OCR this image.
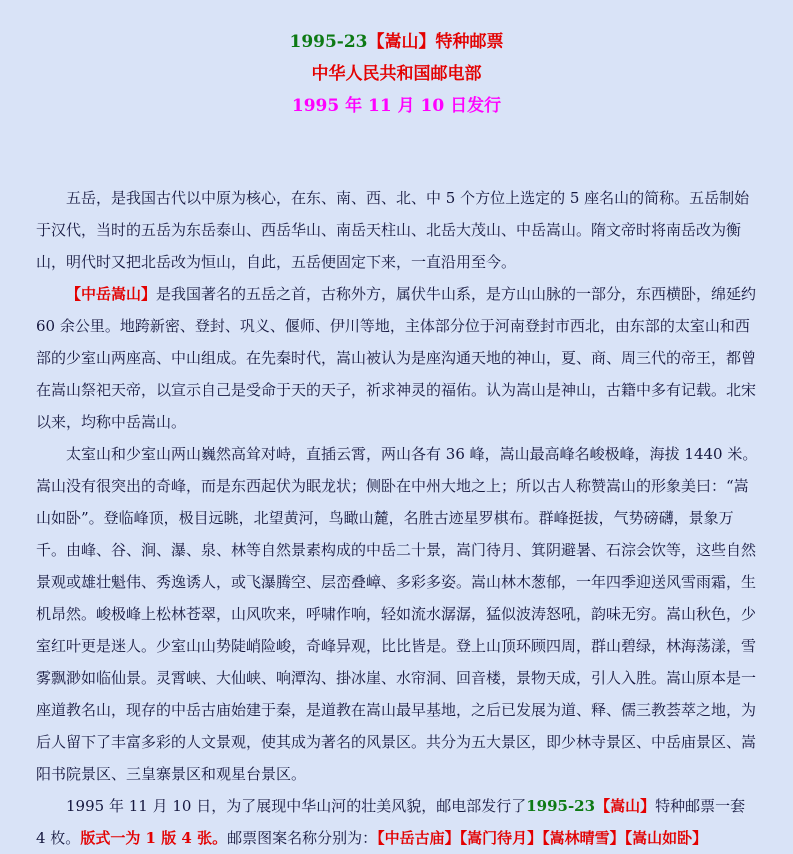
1995-23【嵩山】特种邮票
中华人民共和国邮电部
1995 年 11 月 10 日发行

五岳，是我国古代以中原为核心，在东、南、西、北、中 5 个方位上选定的 5 座名山的简称。五岳制始于汉代，当时的五岳为东岳泰山、西岳华山、南岳天柱山、北岳大茂山、中岳嵩山。隋文帝时将南岳改为衡山，明代时又把北岳改为恒山，自此，五岳便固定下来，一直沿用至今。

【中岳嵩山】是我国著名的五岳之首，古称外方，属伏牛山系，是方山山脉的一部分，东西横卧，绵延约 60 余公里。地跨新密、登封、巩义、偃师、伊川等地，主体部分位于河南登封市西北，由东部的太室山和西部的少室山两座高、中山组成。在先秦时代，嵩山被认为是座沟通天地的神山，夏、商、周三代的帝王，都曾在嵩山祭祀天帝，以宣示自己是受命于天的天子，祈求神灵的福佑。认为嵩山是神山，古籍中多有记载。北宋以来，均称中岳嵩山。

太室山和少室山两山巍然高耸对峙，直插云霄，两山各有 36 峰，嵩山最高峰名峻极峰，海拔 1440 米。嵩山没有很突出的奇峰，而是东西起伏为眠龙状；侧卧在中州大地之上；所以古人称赞嵩山的形象美曰：“嵩山如卧”。登临峰顶，极目远眺，北望黄河，鸟瞰山麓，名胜古迹星罗棋布。群峰挺拔，气势磅礴，景象万千。由峰、谷、涧、瀑、泉、林等自然景素构成的中岳二十景，嵩门待月、箕阴避暑、石淙会饮等，这些自然景观或雄壮魁伟、秀逸诱人，或飞瀑腾空、层峦叠嶂、多彩多姿。嵩山林木葱郁，一年四季迎送风雪雨霜，生机昂然。峻极峰上松林苍翠，山风吹来，呼啸作响，轻如流水潺潺，猛似波涛怒吼，韵味无穷。嵩山秋色，少室红叶更是迷人。少室山山势陡峭险峻，奇峰异观，比比皆是。登上山顶环顾四周，群山碧绿，林海荡漾，雪雾飘渺如临仙景。灵霄峡、大仙峡、响潭沟、掛冰崖、水帘洞、回音楼，景物天成，引人入胜。嵩山原本是一座道教名山，现存的中岳古庙始建于秦，是道教在嵩山最早基地，之后已发展为道、释、儒三教荟萃之地，为后人留下了丰富多彩的人文景观，使其成为著名的风景区。共分为五大景区，即少林寺景区、中岳庙景区、嵩阳书院景区、三皇寨景区和观星台景区。

1995 年 11 月 10 日，为了展现中华山河的壮美风貌，邮电部发行了1995-23【嵩山】特种邮票一套 4 枚。版式一为 1 版 4 张。邮票图案名称分别为：【中岳古庙】【嵩门待月】【嵩林晴雪】【嵩山如卧】
